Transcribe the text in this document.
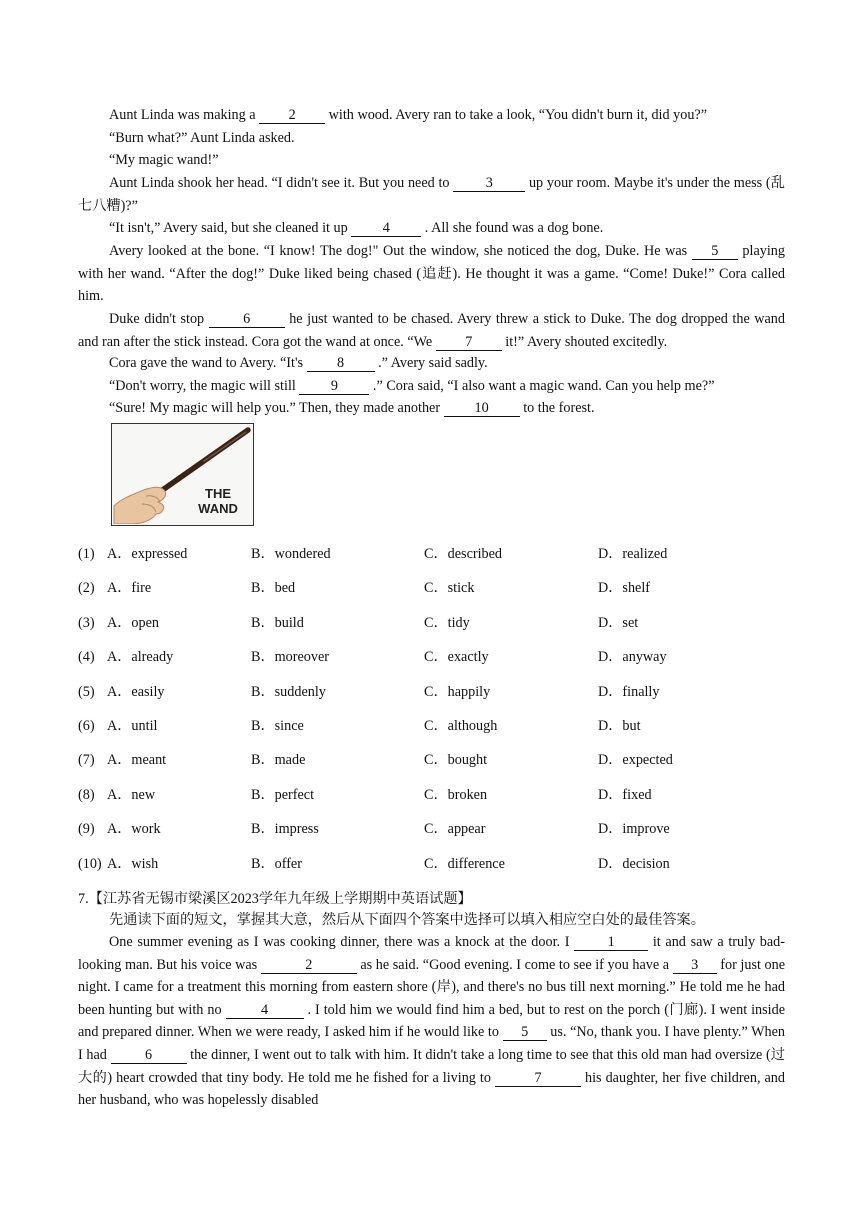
Aunt Linda was making a 2 with wood. Avery ran to take a look, “You didn't burn it, did you?”
“Burn what?” Aunt Linda asked.
“My magic wand!”
Aunt Linda shook her head. “I didn't see it. But you need to 3 up your room. Maybe it's under the mess (乱七八糟)?”
“It isn't,” Avery said, but she cleaned it up 4 . All she found was a dog bone.
Avery looked at the bone. “I know! The dog!" Out the window, she noticed the dog, Duke. He was 5 playing with her wand. “After the dog!” Duke liked being chased (追赶). He thought it was a game. “Come! Duke!” Cora called him.
Duke didn't stop 6 he just wanted to be chased. Avery threw a stick to Duke. The dog dropped the wand and ran after the stick instead. Cora got the wand at once. “We 7 it!” Avery shouted excitedly.
Cora gave the wand to Avery. “It's 8 .” Avery said sadly.
“Don't worry, the magic will still 9 .” Cora said, “I also want a magic wand. Can you help me?”
“Sure! My magic will help you.” Then, they made another 10 to the forest.
THE
WAND
(1) A．expressed	B．wondered	C．described	D．realized
(2) A．fire	B．bed	C．stick	D．shelf
(3) A．open	B．build	C．tidy	D．set
(4) A．already	B．moreover	C．exactly	D．anyway
(5) A．easily	B．suddenly	C．happily	D．finally
(6) A．until	B．since	C．although	D．but
(7) A．meant	B．made	C．bought	D．expected
(8) A．new	B．perfect	C．broken	D．fixed
(9) A．work	B．impress	C．appear	D．improve
(10) A．wish	B．offer	C．difference	D．decision
7.【江苏省无锡市梁溪区2023学年九年级上学期期中英语试题】
先通读下面的短文，掌握其大意，然后从下面四个答案中选择可以填入相应空白处的最佳答案。
One summer evening as I was cooking dinner, there was a knock at the door. I 1 it and saw a truly bad-looking man. But his voice was	2	as he said. “Good evening. I come to see if you have a 3 for just one night. I came for a treatment this morning from eastern shore (岸), and there's no bus till next morning.” He told me he had been hunting but with no 4 . I told him we would find him a bed, but to rest on the porch (门廊). I went inside and prepared dinner. When we were ready, I asked him if he would like to 5 us. “No, thank you. I have plenty.” When I had 6 the dinner, I went out to talk with him. It didn't take a long time to see that this old man had oversize (过大的) heart crowded that tiny body. He told me he fished for a living to	7	his daughter, her five children, and her husband, who was hopelessly disabled
